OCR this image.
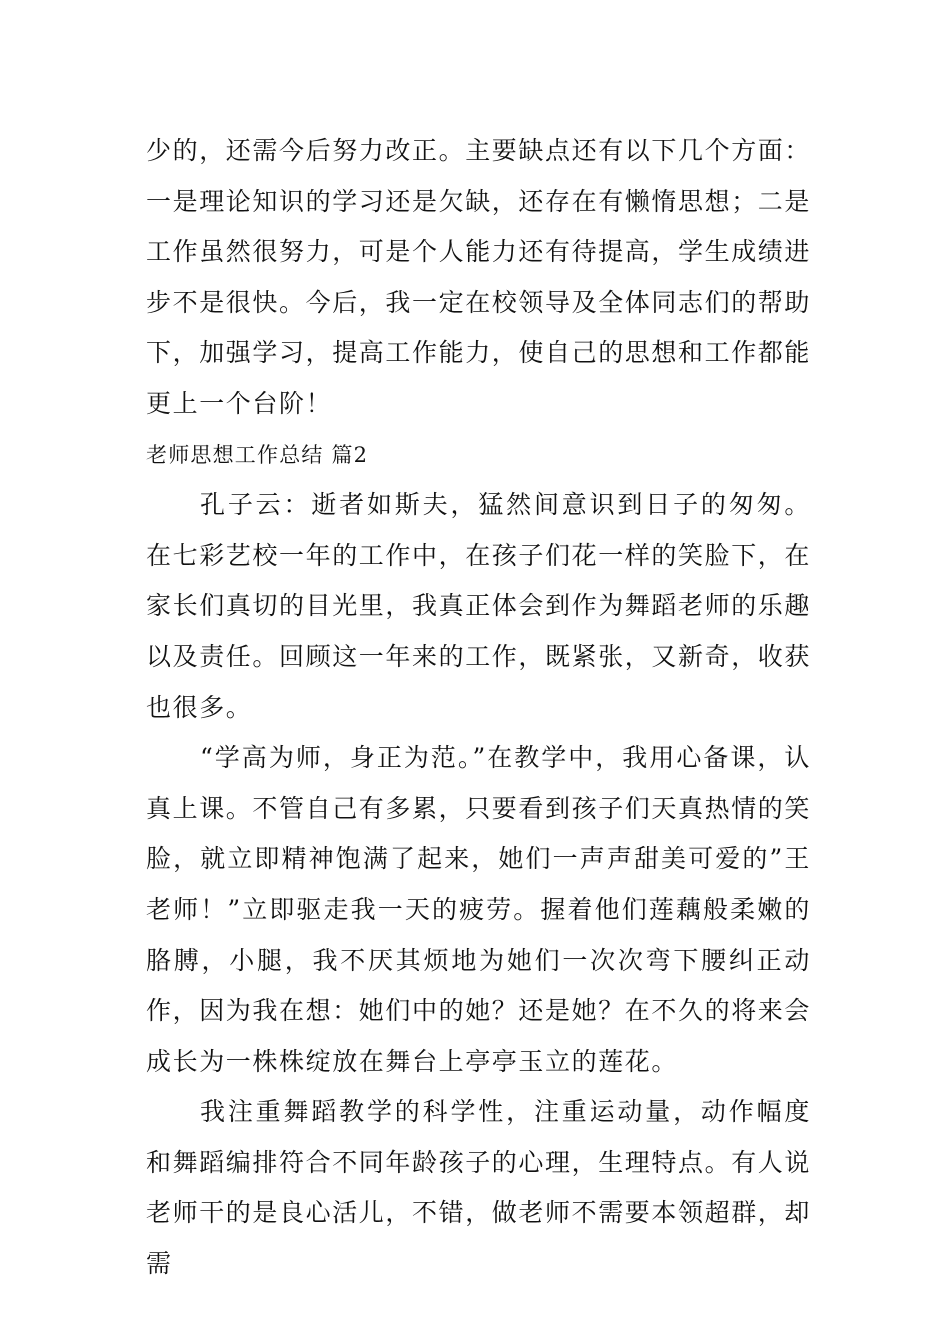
少的，还需今后努力改正。主要缺点还有以下几个方面：一是理论知识的学习还是欠缺，还存在有懒惰思想；二是工作虽然很努力，可是个人能力还有待提高，学生成绩进步不是很快。今后，我一定在校领导及全体同志们的帮助下，加强学习，提高工作能力，使自己的思想和工作都能更上一个台阶！

老师思想工作总结 篇2

孔子云：逝者如斯夫，猛然间意识到日子的匆匆。在七彩艺校一年的工作中，在孩子们花一样的笑脸下，在家长们真切的目光里，我真正体会到作为舞蹈老师的乐趣以及责任。回顾这一年来的工作，既紧张，又新奇，收获也很多。

“学高为师，身正为范。”在教学中，我用心备课，认真上课。不管自己有多累，只要看到孩子们天真热情的笑脸，就立即精神饱满了起来，她们一声声甜美可爱的”王老师！”立即驱走我一天的疲劳。握着他们莲藕般柔嫩的胳膊，小腿，我不厌其烦地为她们一次次弯下腰纠正动作，因为我在想：她们中的她？还是她？在不久的将来会成长为一株株绽放在舞台上亭亭玉立的莲花。

我注重舞蹈教学的科学性，注重运动量，动作幅度和舞蹈编排符合不同年龄孩子的心理，生理特点。有人说老师干的是良心活儿，不错，做老师不需要本领超群，却需
